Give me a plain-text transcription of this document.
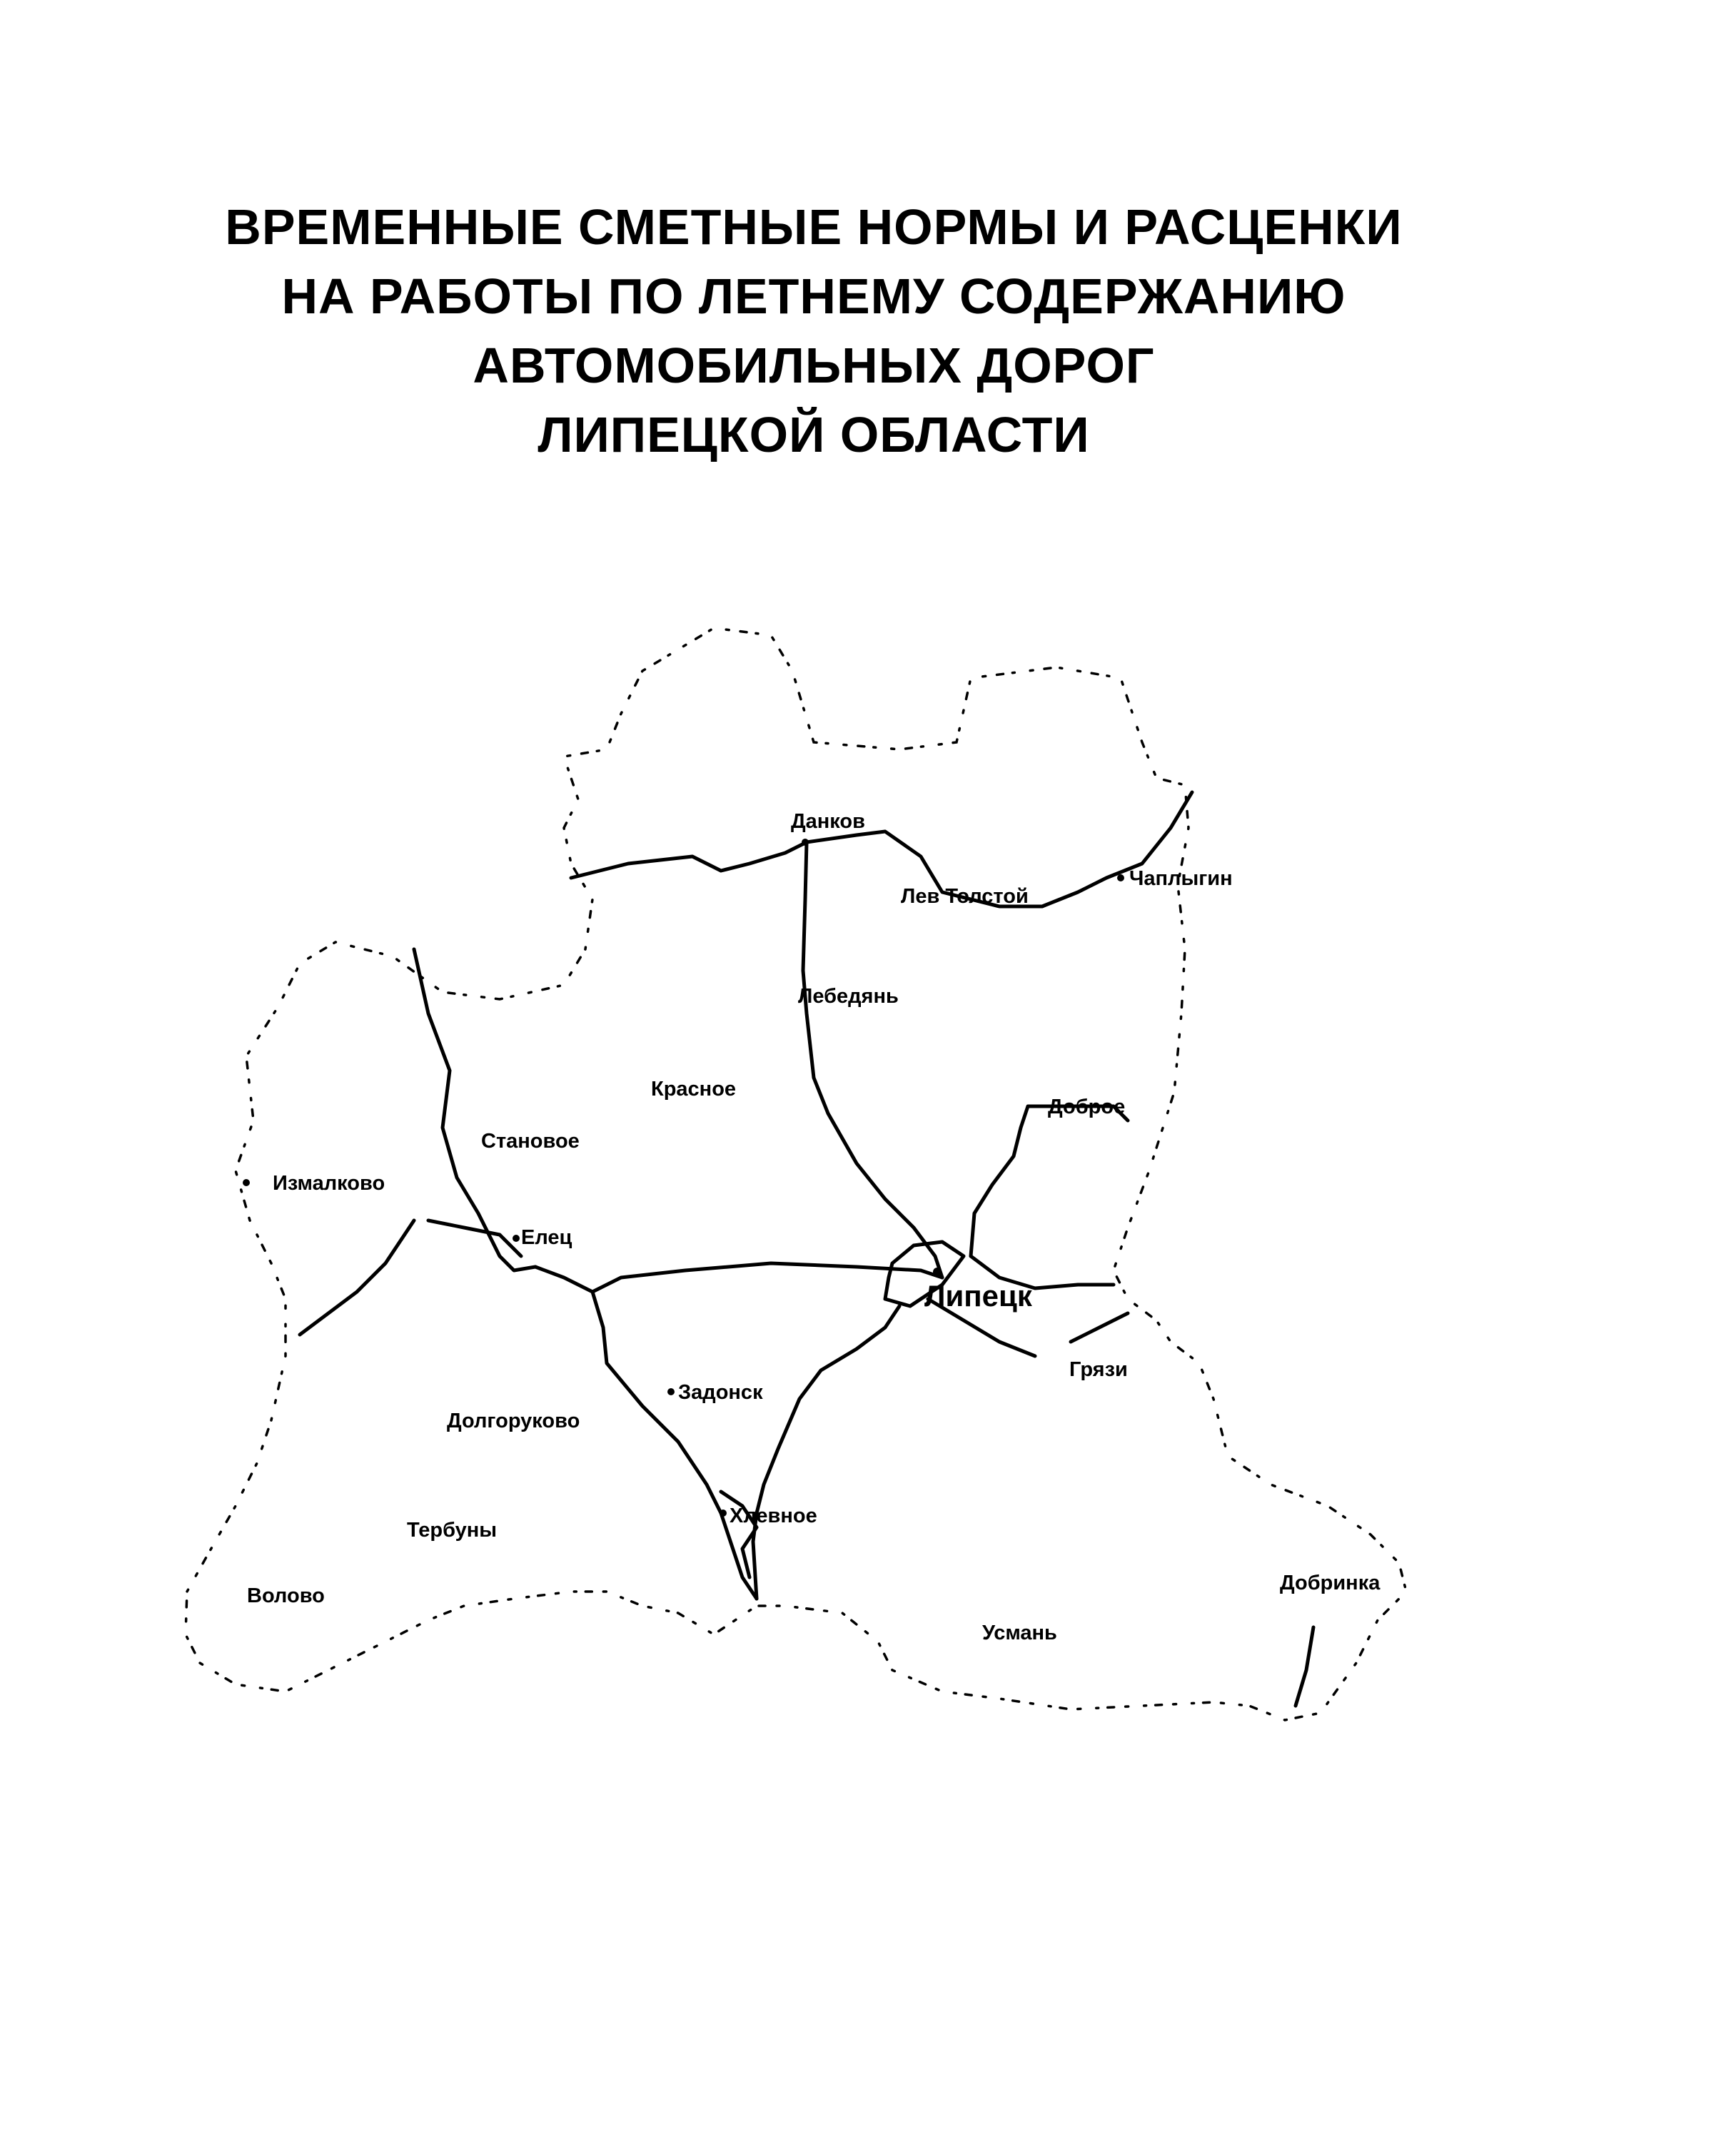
ВРЕМЕННЫЕ СМЕТНЫЕ НОРМЫ И РАСЦЕНКИ
НА РАБОТЫ ПО ЛЕТНЕМУ СОДЕРЖАНИЮ
АВТОМОБИЛЬНЫХ ДОРОГ
ЛИПЕЦКОЙ ОБЛАСТИ
Данков
Лев Толстой
Чаплыгин
Лебедянь
Красное
Доброе
Становое
Измалково
Елец
Липецк
Грязи
Задонск
Долгоруково
Хлевное
Тербуны
Волово
Добринка
Усмань
